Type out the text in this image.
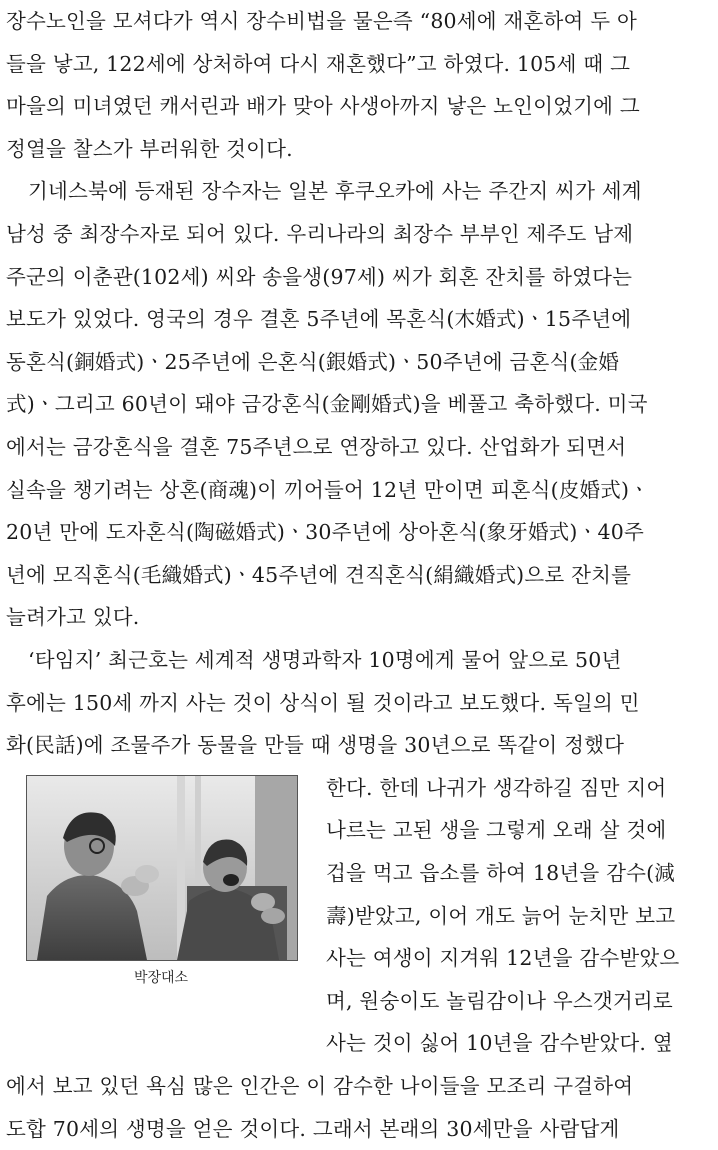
장수노인을 모셔다가 역시 장수비법을 물은즉 “80세에 재혼하여 두 아
들을 낳고, 122세에 상처하여 다시 재혼했다”고 하였다. 105세 때 그
마을의 미녀였던 캐서린과 배가 맞아 사생아까지 낳은 노인이었기에 그
정열을 찰스가 부러워한 것이다.
기네스북에 등재된 장수자는 일본 후쿠오카에 사는 주간지 씨가 세계
남성 중 최장수자로 되어 있다. 우리나라의 최장수 부부인 제주도 남제
주군의 이춘관(102세) 씨와 송을생(97세) 씨가 회혼 잔치를 하였다는
보도가 있었다. 영국의 경우 결혼 5주년에 목혼식(木婚式)ㆍ15주년에
동혼식(銅婚式)ㆍ25주년에 은혼식(銀婚式)ㆍ50주년에 금혼식(金婚
式)ㆍ그리고 60년이 돼야 금강혼식(金剛婚式)을 베풀고 축하했다. 미국
에서는 금강혼식을 결혼 75주년으로 연장하고 있다. 산업화가 되면서
실속을 챙기려는 상혼(商魂)이 끼어들어 12년 만이면 피혼식(皮婚式)ㆍ
20년 만에 도자혼식(陶磁婚式)ㆍ30주년에 상아혼식(象牙婚式)ㆍ40주
년에 모직혼식(毛織婚式)ㆍ45주년에 견직혼식(絹織婚式)으로 잔치를
늘려가고 있다.
‘타임지’ 최근호는 세계적 생명과학자 10명에게 물어 앞으로 50년
후에는 150세 까지 사는 것이 상식이 될 것이라고 보도했다. 독일의 민
화(民話)에 조물주가 동물을 만들 때 생명을 30년으로 똑같이 정했다
한다. 한데 나귀가 생각하길 짐만 지어
나르는 고된 생을 그렇게 오래 살 것에
겁을 먹고 읍소를 하여 18년을 감수(減
壽)받았고, 이어 개도 늙어 눈치만 보고
사는 여생이 지겨워 12년을 감수받았으
며, 원숭이도 놀림감이나 우스갯거리로
사는 것이 싫어 10년을 감수받았다. 옆
에서 보고 있던 욕심 많은 인간은 이 감수한 나이들을 모조리 구걸하여
도합 70세의 생명을 얻은 것이다. 그래서 본래의 30세만을 사람답게
박장대소
